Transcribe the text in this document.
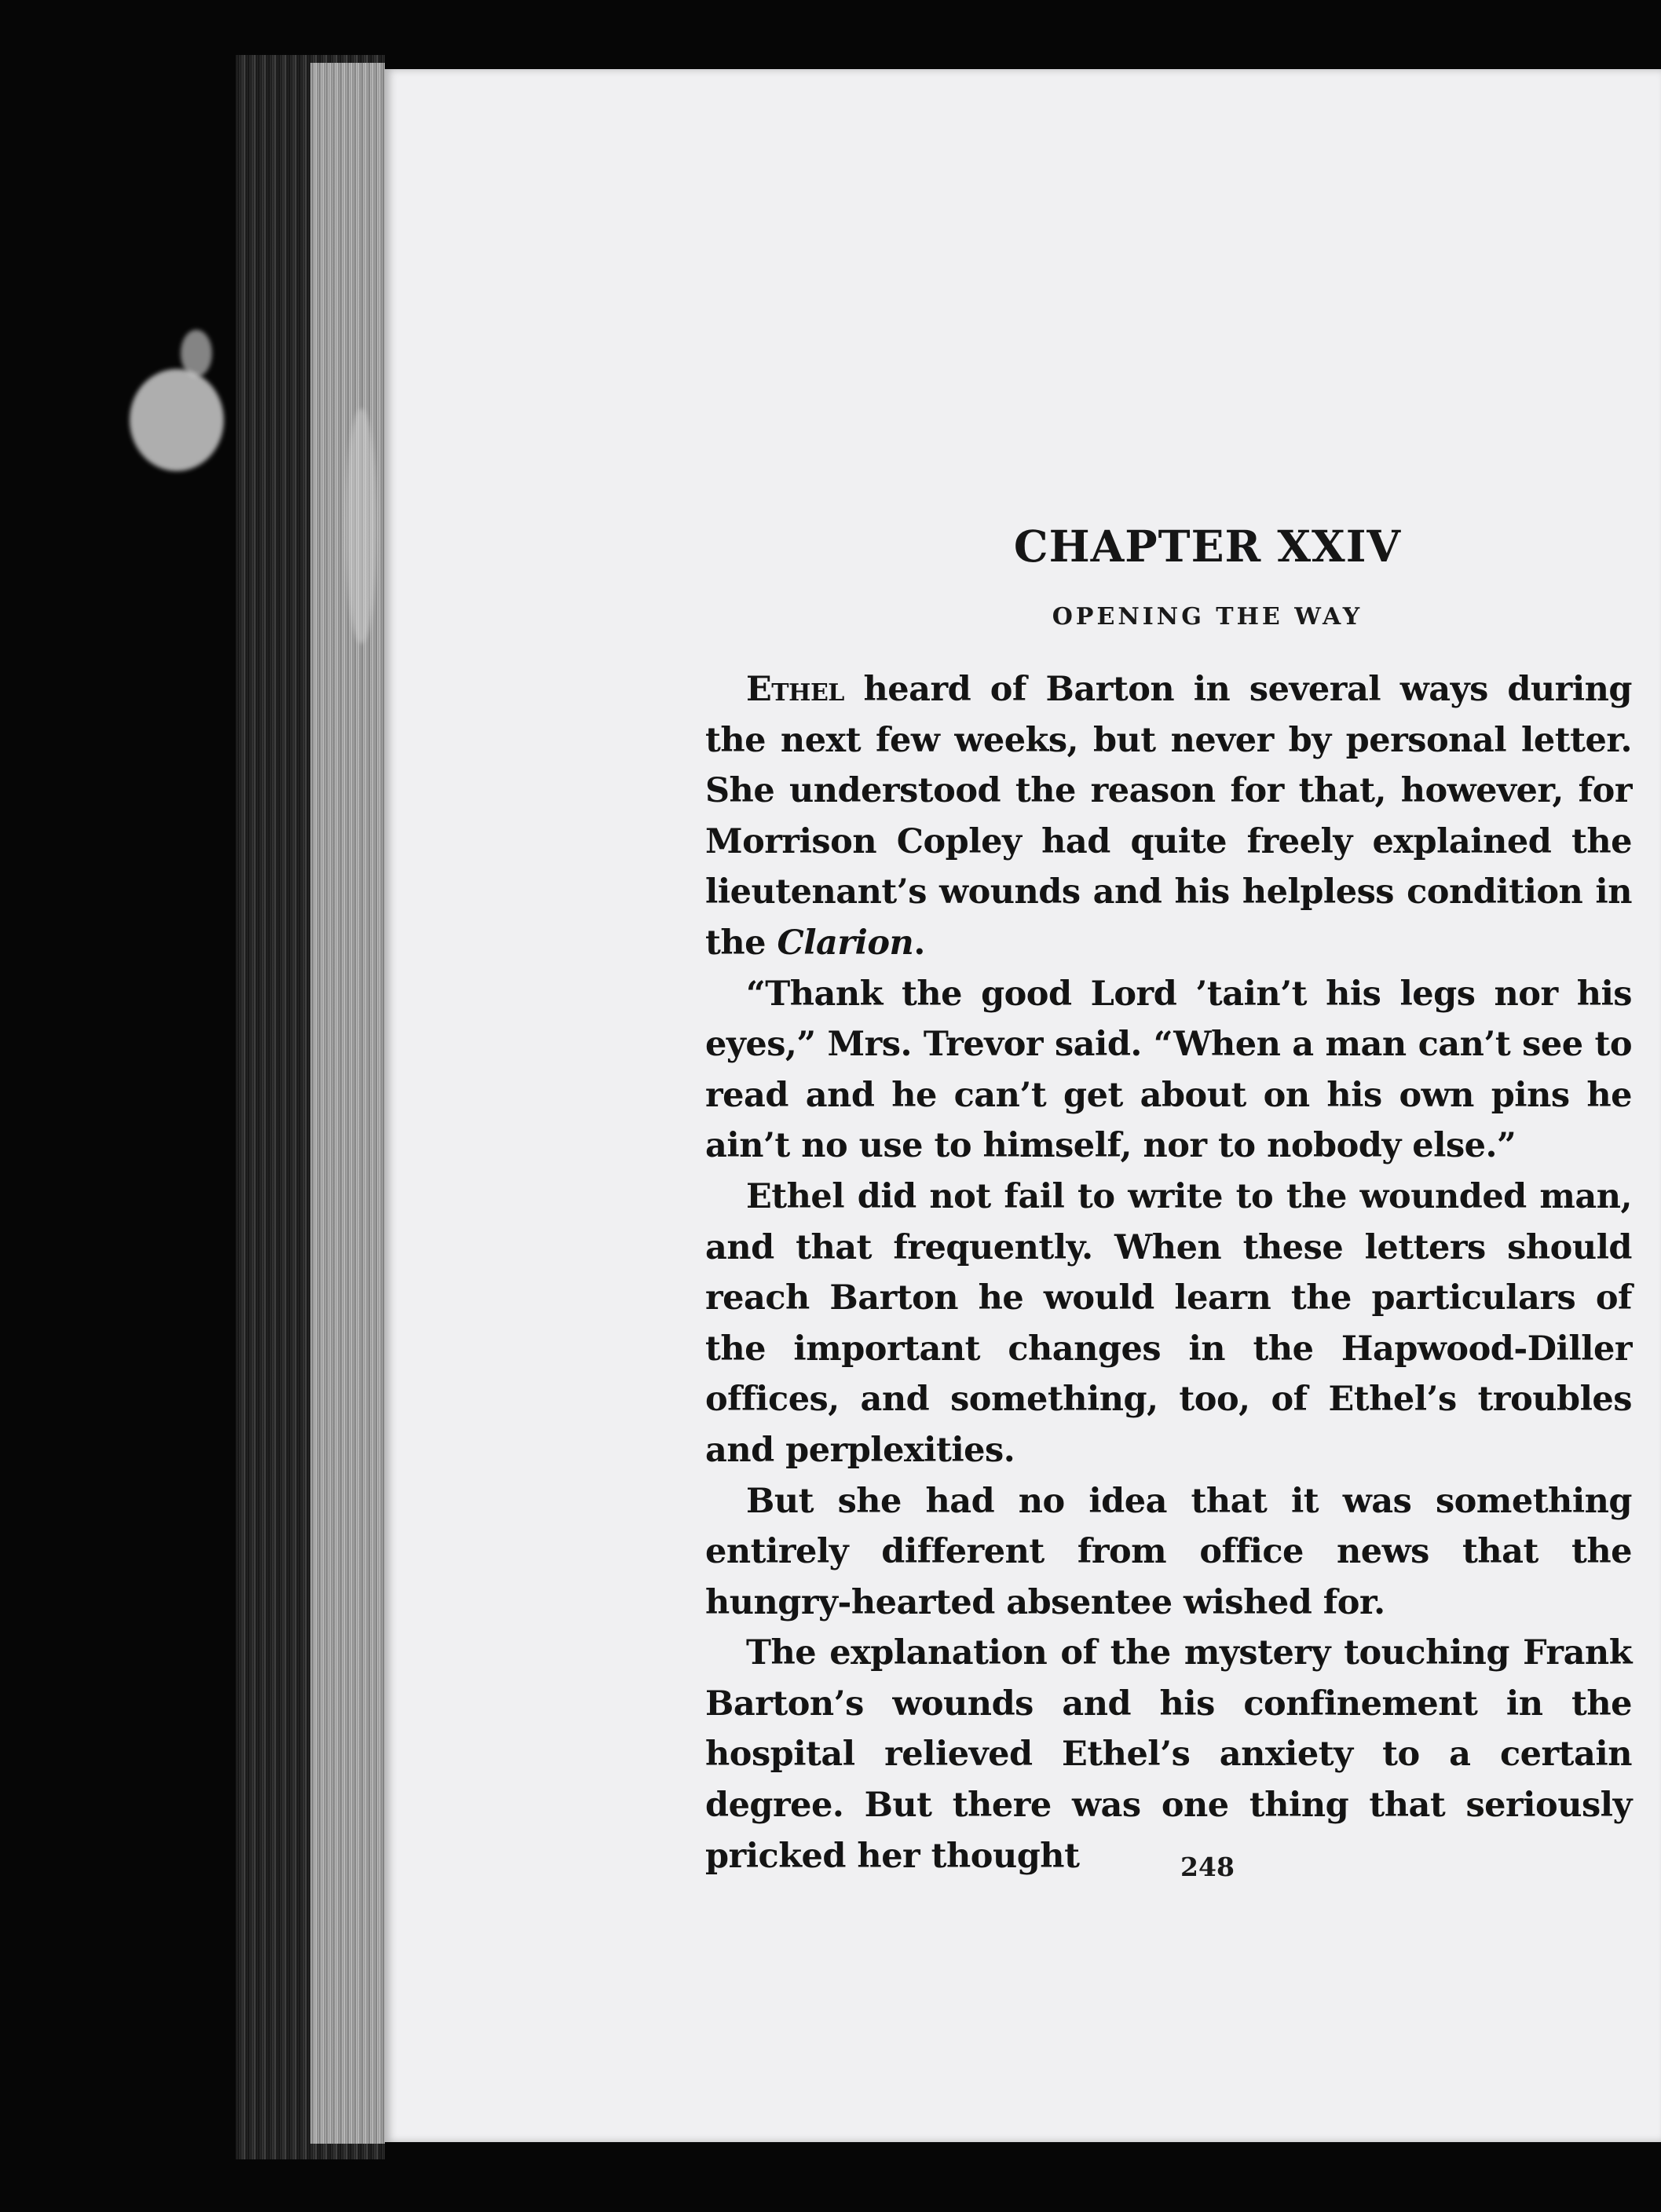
CHAPTER XXIV
OPENING THE WAY

Ethel heard of Barton in several ways during the next few weeks, but never by personal letter. She understood the reason for that, however, for Morrison Copley had quite freely explained the lieutenant’s wounds and his helpless condition in the Clarion.

“Thank the good Lord ’tain’t his legs nor his eyes,” Mrs. Trevor said. “When a man can’t see to read and he can’t get about on his own pins he ain’t no use to himself, nor to nobody else.”

Ethel did not fail to write to the wounded man, and that frequently. When these letters should reach Barton he would learn the particulars of the important changes in the Hapwood-Diller offices, and something, too, of Ethel’s troubles and perplexities.

But she had no idea that it was something entirely different from office news that the hungry-hearted absentee wished for.

The explanation of the mystery touching Frank Barton’s wounds and his confinement in the hospital relieved Ethel’s anxiety to a certain degree. But there was one thing that seriously pricked her thought	248
